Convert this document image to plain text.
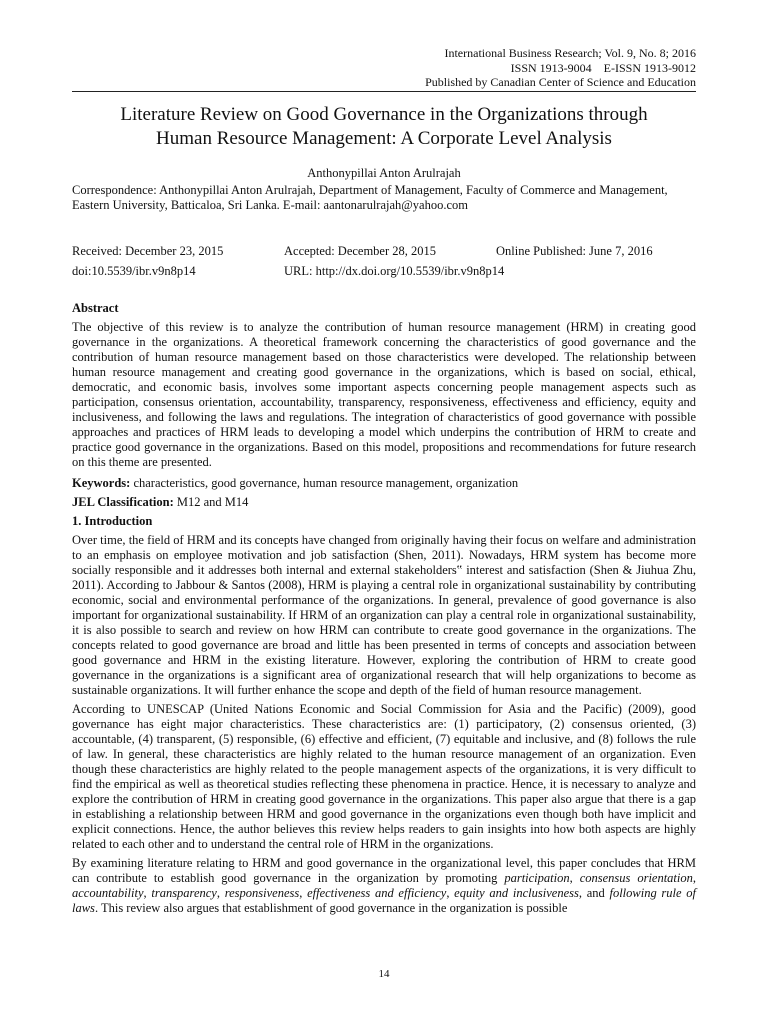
International Business Research; Vol. 9, No. 8; 2016
ISSN 1913-9004    E-ISSN 1913-9012
Published by Canadian Center of Science and Education
Literature Review on Good Governance in the Organizations through
Human Resource Management: A Corporate Level Analysis
Anthonypillai Anton Arulrajah
Correspondence: Anthonypillai Anton Arulrajah, Department of Management, Faculty of Commerce and Management,
Eastern University, Batticaloa, Sri Lanka. E-mail: aantonarulrajah@yahoo.com
Received: December 23, 2015	Accepted: December 28, 2015	Online Published: June 7, 2016
doi:10.5539/ibr.v9n8p14	URL: http://dx.doi.org/10.5539/ibr.v9n8p14
Abstract

The objective of this review is to analyze the contribution of human resource management (HRM) in creating good governance in the organizations. A theoretical framework concerning the characteristics of good governance and the contribution of human resource management based on those characteristics were developed. The relationship between human resource management and creating good governance in the organizations, which is based on social, ethical, democratic, and economic basis, involves some important aspects concerning people management aspects such as participation, consensus orientation, accountability, transparency, responsiveness, effectiveness and efficiency, equity and inclusiveness, and following the laws and regulations. The integration of characteristics of good governance with possible approaches and practices of HRM leads to developing a model which underpins the contribution of HRM to create and practice good governance in the organizations. Based on this model, propositions and recommendations for future research on this theme are presented.

Keywords: characteristics, good governance, human resource management, organization
JEL Classification: M12 and M14
1. Introduction

Over time, the field of HRM and its concepts have changed from originally having their focus on welfare and administration to an emphasis on employee motivation and job satisfaction (Shen, 2011). Nowadays, HRM system has become more socially responsible and it addresses both internal and external stakeholders‟ interest and satisfaction (Shen & Jiuhua Zhu, 2011). According to Jabbour & Santos (2008), HRM is playing a central role in organizational sustainability by contributing economic, social and environmental performance of the organizations. In general, prevalence of good governance is also important for organizational sustainability. If HRM of an organization can play a central role in organizational sustainability, it is also possible to search and review on how HRM can contribute to create good governance in the organizations. The concepts related to good governance are broad and little has been presented in terms of concepts and association between good governance and HRM in the existing literature. However, exploring the contribution of HRM to create good governance in the organizations is a significant area of organizational research that will help organizations to become as sustainable organizations. It will further enhance the scope and depth of the field of human resource management.

According to UNESCAP (United Nations Economic and Social Commission for Asia and the Pacific) (2009), good governance has eight major characteristics. These characteristics are: (1) participatory, (2) consensus oriented, (3) accountable, (4) transparent, (5) responsible, (6) effective and efficient, (7) equitable and inclusive, and (8) follows the rule of law. In general, these characteristics are highly related to the human resource management of an organization. Even though these characteristics are highly related to the people management aspects of the organizations, it is very difficult to find the empirical as well as theoretical studies reflecting these phenomena in practice. Hence, it is necessary to analyze and explore the contribution of HRM in creating good governance in the organizations. This paper also argue that there is a gap in establishing a relationship between HRM and good governance in the organizations even though both have implicit and explicit connections. Hence, the author believes this review helps readers to gain insights into how both aspects are highly related to each other and to understand the central role of HRM in the organizations.

By examining literature relating to HRM and good governance in the organizational level, this paper concludes that HRM can contribute to establish good governance in the organization by promoting participation, consensus orientation, accountability, transparency, responsiveness, effectiveness and efficiency, equity and inclusiveness, and following rule of laws. This review also argues that establishment of good governance in the organization is possible

14
